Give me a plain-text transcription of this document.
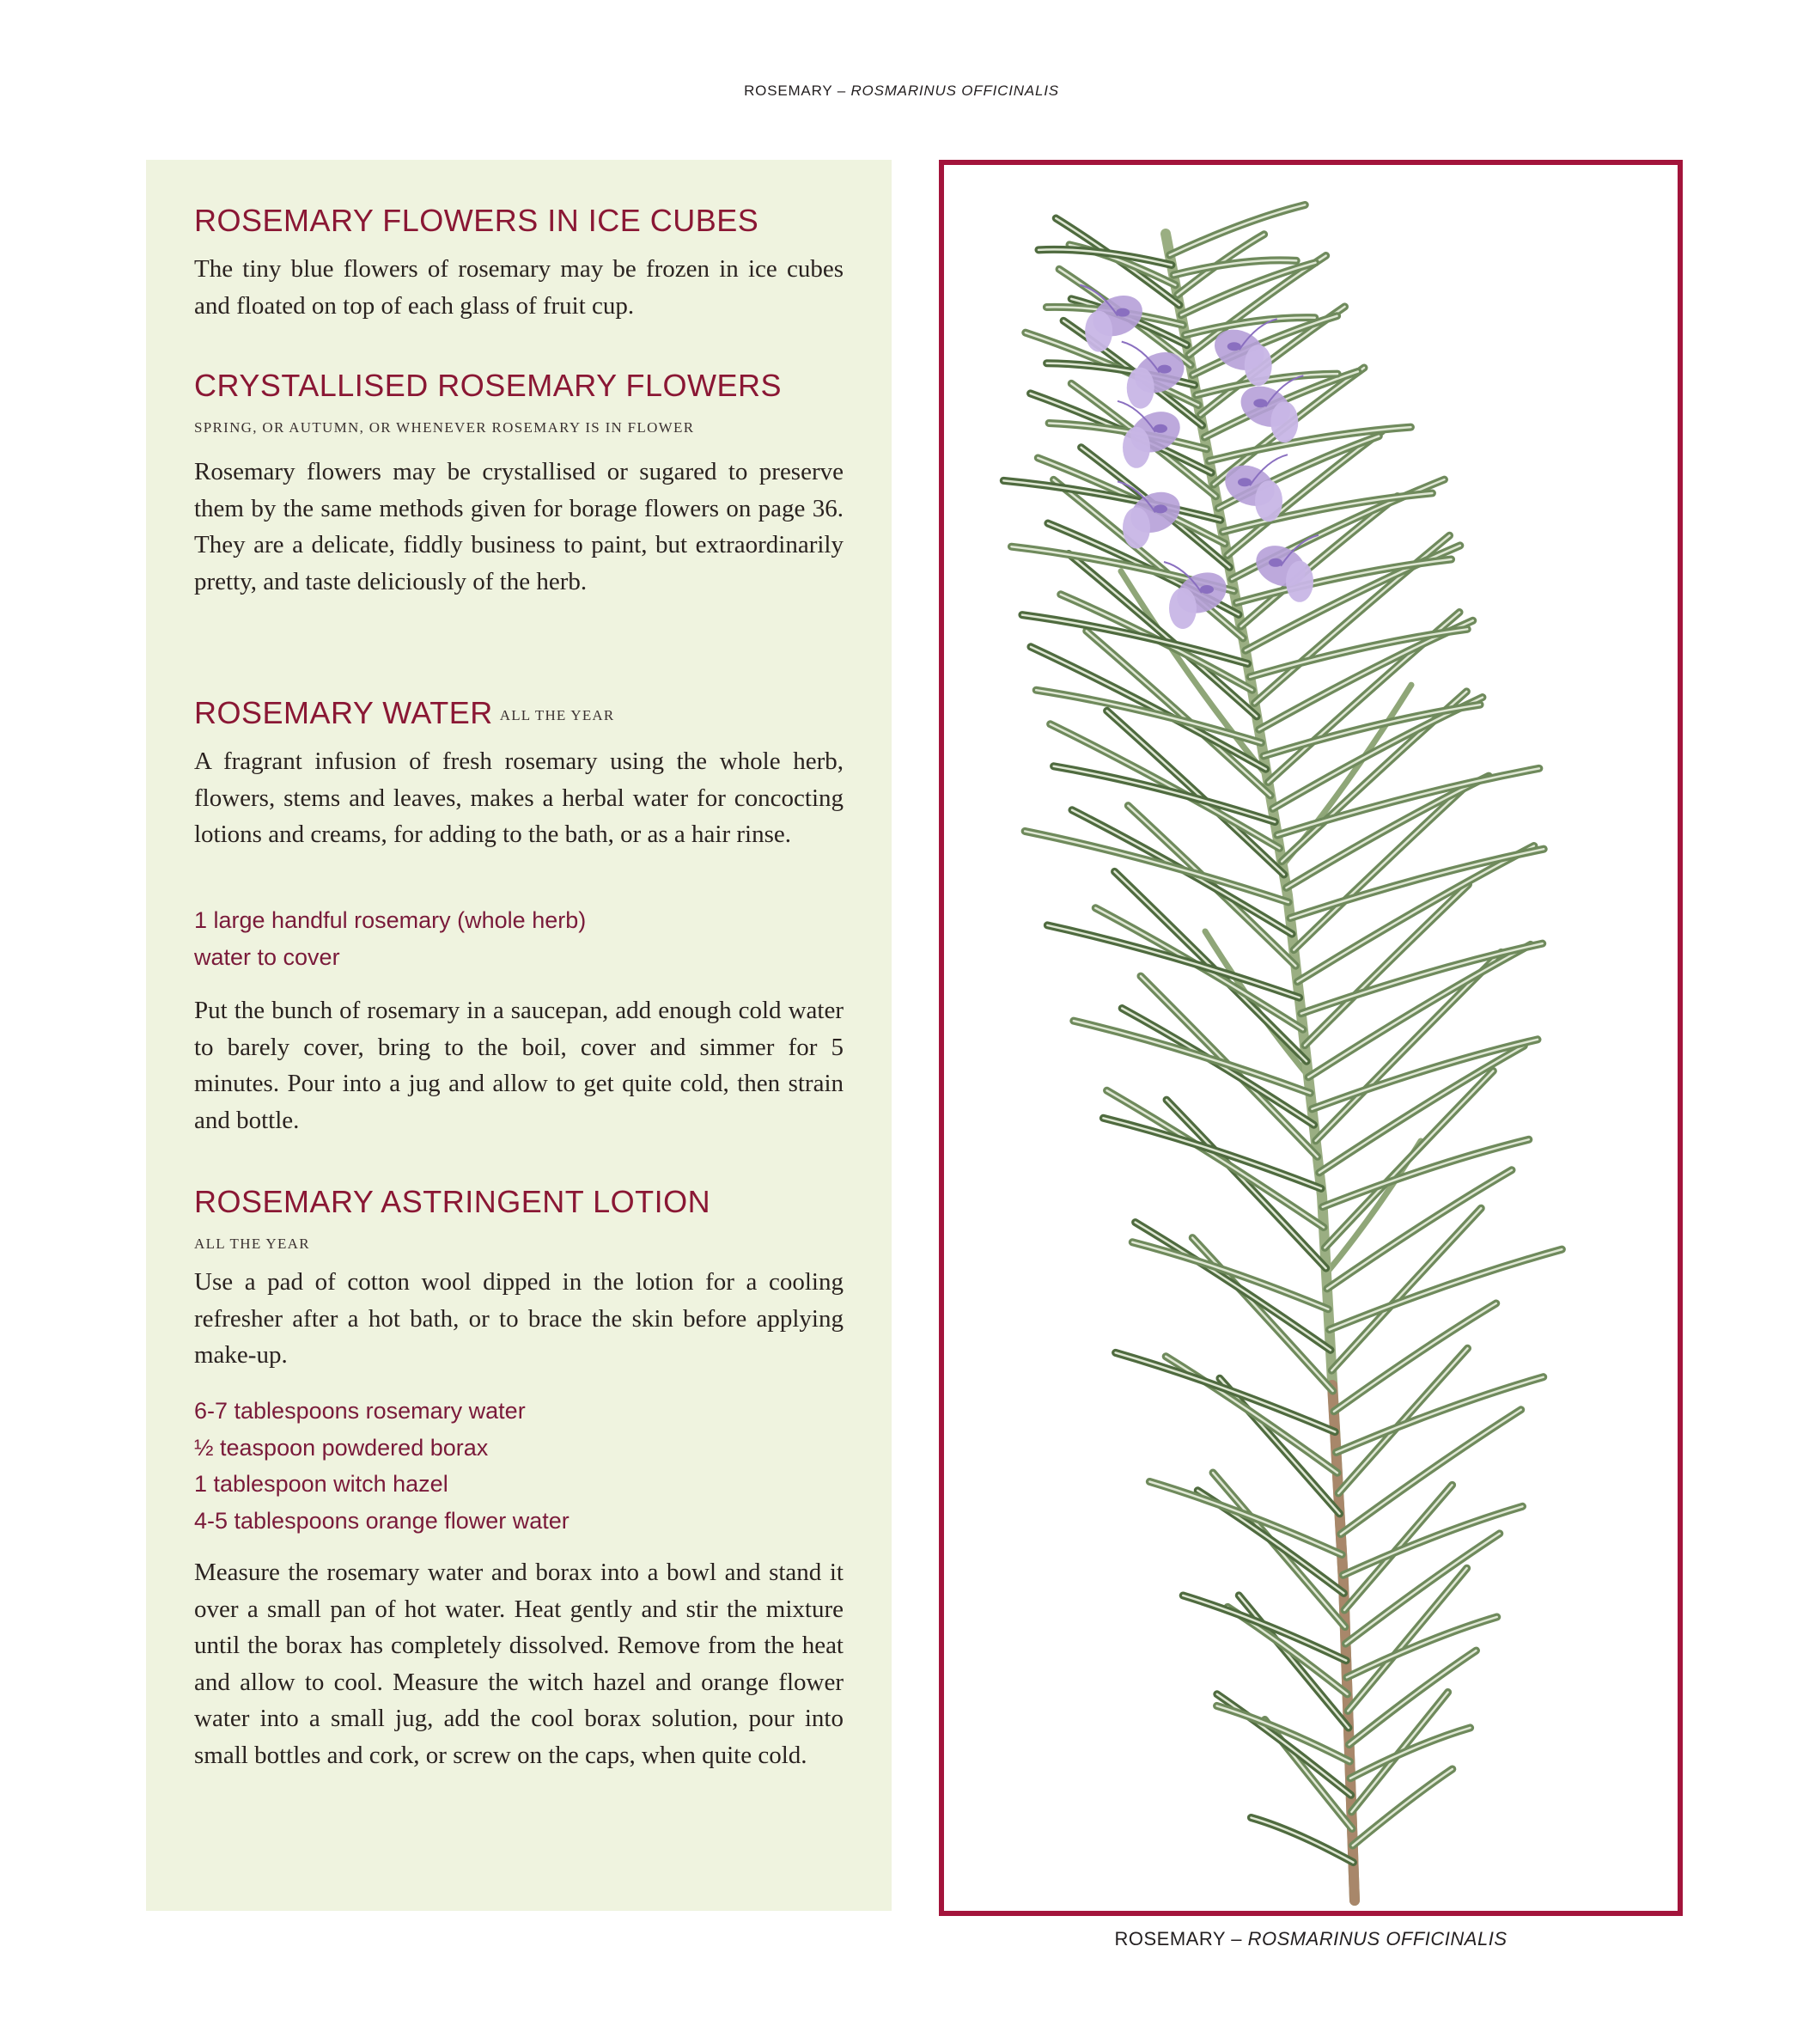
ROSEMARY – ROSMARINUS OFFICINALIS
ROSEMARY FLOWERS IN ICE CUBES

The tiny blue flowers of rosemary may be frozen in ice cubes and floated on top of each glass of fruit cup.

CRYSTALLISED ROSEMARY FLOWERS
SPRING, OR AUTUMN, OR WHENEVER ROSEMARY IS IN FLOWER

Rosemary flowers may be crystallised or sugared to preserve them by the same methods given for borage flowers on page 36. They are a delicate, fiddly business to paint, but extraordinarily pretty, and taste deliciously of the herb.

ROSEMARY WATER ALL THE YEAR

A fragrant infusion of fresh rosemary using the whole herb, flowers, stems and leaves, makes a herbal water for concocting lotions and creams, for adding to the bath, or as a hair rinse.

1 large handful rosemary (whole herb)
water to cover

Put the bunch of rosemary in a saucepan, add enough cold water to barely cover, bring to the boil, cover and simmer for 5 minutes. Pour into a jug and allow to get quite cold, then strain and bottle.

ROSEMARY ASTRINGENT LOTION
ALL THE YEAR

Use a pad of cotton wool dipped in the lotion for a cooling refresher after a hot bath, or to brace the skin before applying make-up.

6-7 tablespoons rosemary water
½ teaspoon powdered borax
1 tablespoon witch hazel
4-5 tablespoons orange flower water

Measure the rosemary water and borax into a bowl and stand it over a small pan of hot water. Heat gently and stir the mixture until the borax has completely dissolved. Remove from the heat and allow to cool. Measure the witch hazel and orange flower water into a small jug, add the cool borax solution, pour into small bottles and cork, or screw on the caps, when quite cold.

ROSEMARY – ROSMARINUS OFFICINALIS
